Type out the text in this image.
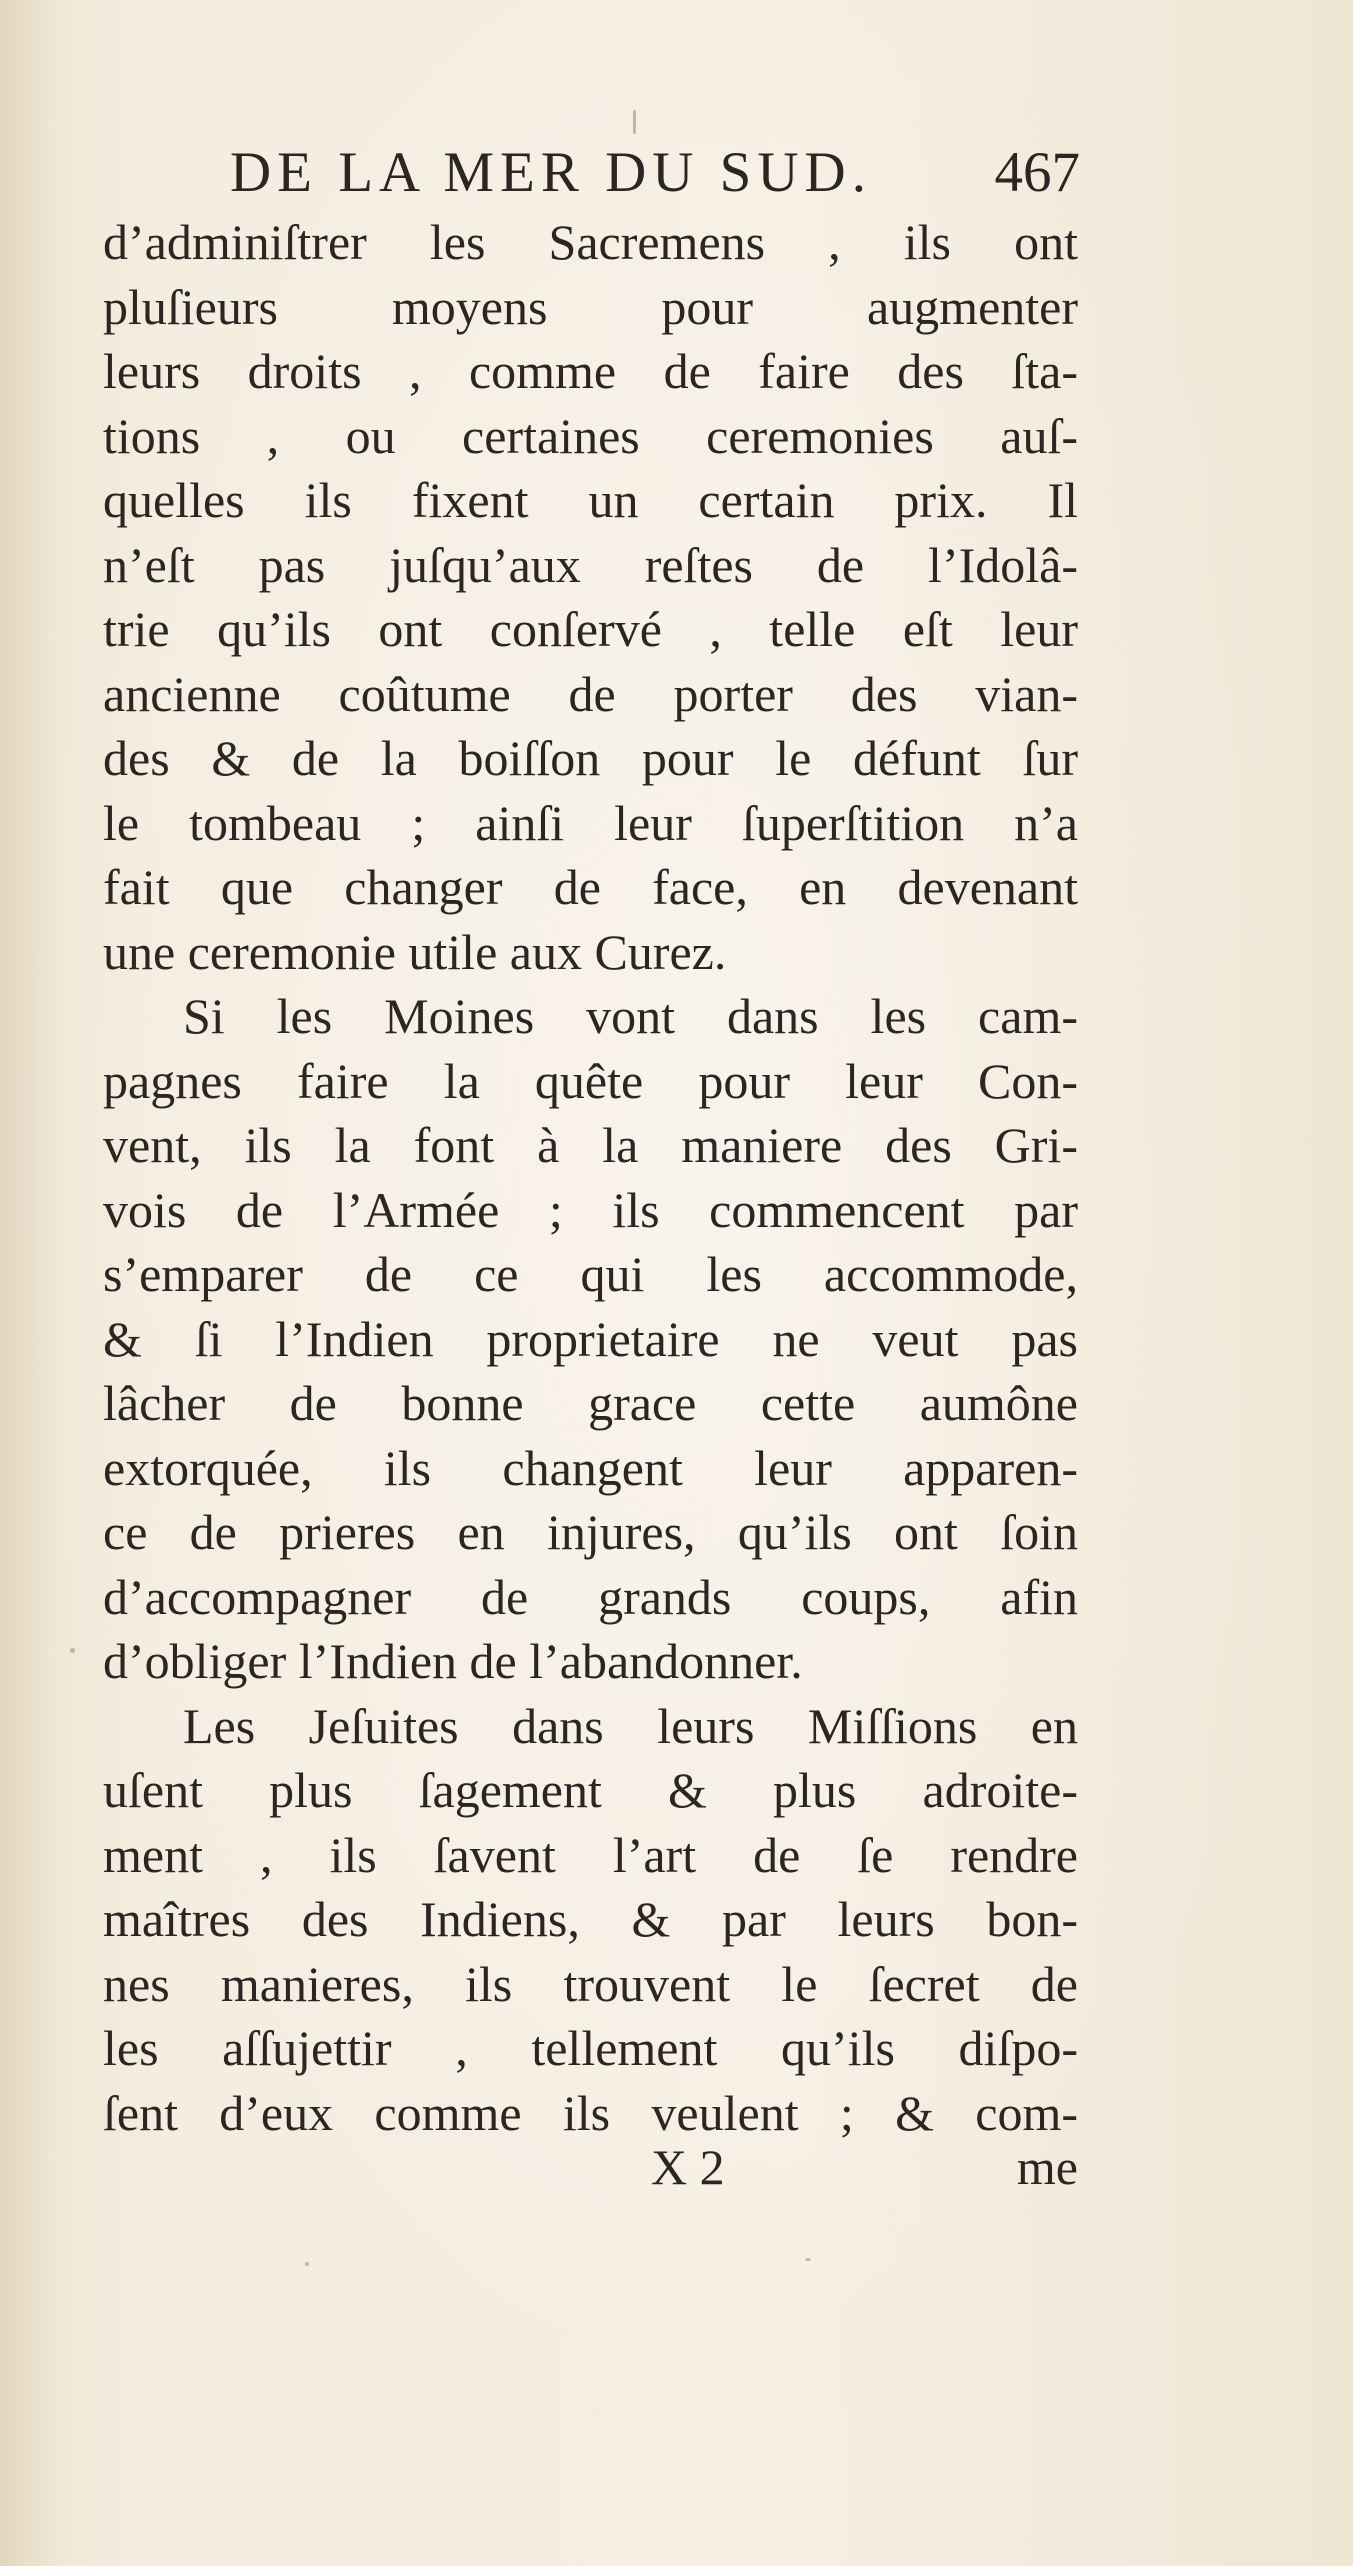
DE LA MER DU SUD. 467
d’adminiſtrer les Sacremens , ils ont
pluſieurs moyens pour augmenter
leurs droits , comme de faire des ſta-
tions , ou certaines ceremonies auſ-
quelles ils fixent un certain prix. Il
n’eſt pas juſqu’aux reſtes de l’Idolâ-
trie qu’ils ont conſervé , telle eſt leur
ancienne coûtume de porter des vian-
des & de la boiſſon pour le défunt ſur
le tombeau ; ainſi leur ſuperſtition n’a
fait que changer de face, en devenant
une ceremonie utile aux Curez.
Si les Moines vont dans les cam-
pagnes faire la quête pour leur Con-
vent, ils la font à la maniere des Gri-
vois de l’Armée ; ils commencent par
s’emparer de ce qui les accommode,
& ſi l’Indien proprietaire ne veut pas
lâcher de bonne grace cette aumône
extorquée, ils changent leur apparen-
ce de prieres en injures, qu’ils ont ſoin
d’accompagner de grands coups, afin
d’obliger l’Indien de l’abandonner.
Les Jeſuites dans leurs Miſſions en
uſent plus ſagement & plus adroite-
ment , ils ſavent l’art de ſe rendre
maîtres des Indiens, & par leurs bon-
nes manieres, ils trouvent le ſecret de
les aſſujettir , tellement qu’ils diſpo-
ſent d’eux comme ils veulent ; & com-
X 2	me
